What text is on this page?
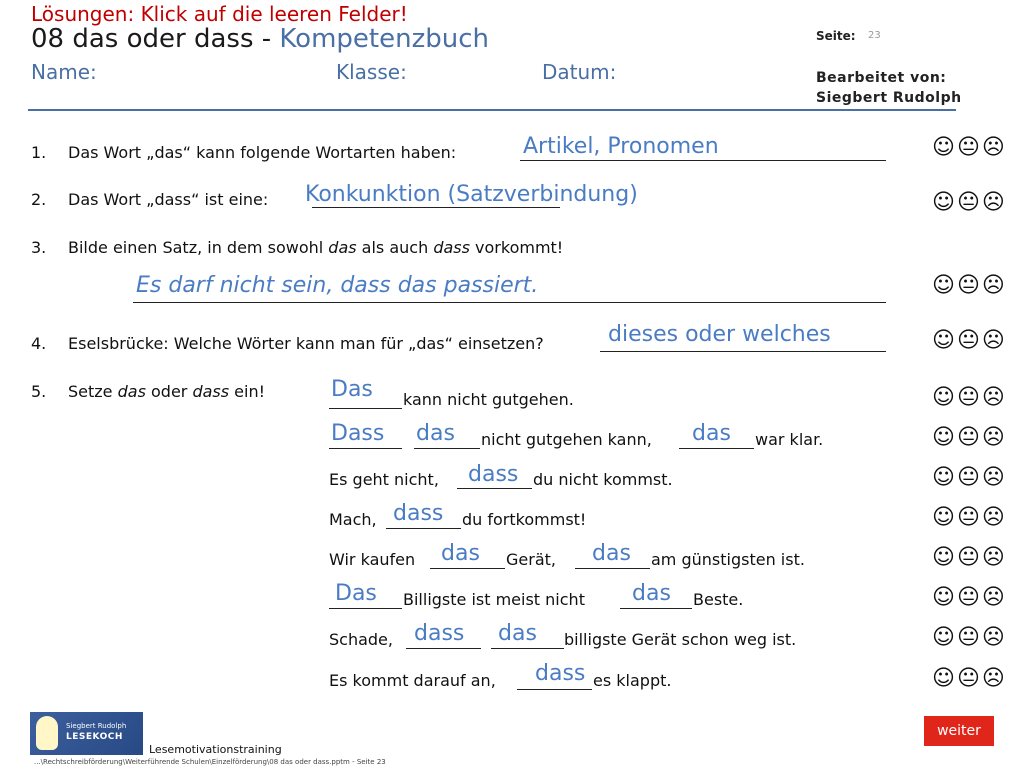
Lösungen: Klick auf die leeren Felder!
08 das oder dass - Kompetenzbuch
Name:	Klasse:	Datum:
Seite: 23
Bearbeitet von:
Siegbert Rudolph
1. Das Wort „das“ kann folgende Wortarten haben:	Artikel, Pronomen
2. Das Wort „dass“ ist eine: Konkunktion (Satzverbindung)
3. Bilde einen Satz, in dem sowohl das als auch dass vorkommt!
Es darf nicht sein, dass das passiert.
4. Eselsbrücke: Welche Wörter kann man für „das“ einsetzen?	dieses oder welches
5. Setze das oder dass ein!	Das kann nicht gutgehen.
Dass das nicht gutgehen kann, das war klar.
Es geht nicht, dass du nicht kommst.
Mach, dass du fortkommst!
Wir kaufen das Gerät, das am günstigsten ist.
Das Billigste ist meist nicht das Beste.
Schade, dass das billigste Gerät schon weg ist.
Es kommt darauf an, dass es klappt.
☺😐☹
☺😐☹
☺😐☹
☺😐☹
☺😐☹
☺😐☹
☺😐☹
☺😐☹
☺😐☹
☺😐☹
☺😐☹
☺😐☹
Siegbert Rudolph
LESEKOCH
Lesemotivationstraining
...\Rechtschreibförderung\Weiterführende Schulen\Einzelförderung\08 das oder dass.pptm - Seite 23
weiter
